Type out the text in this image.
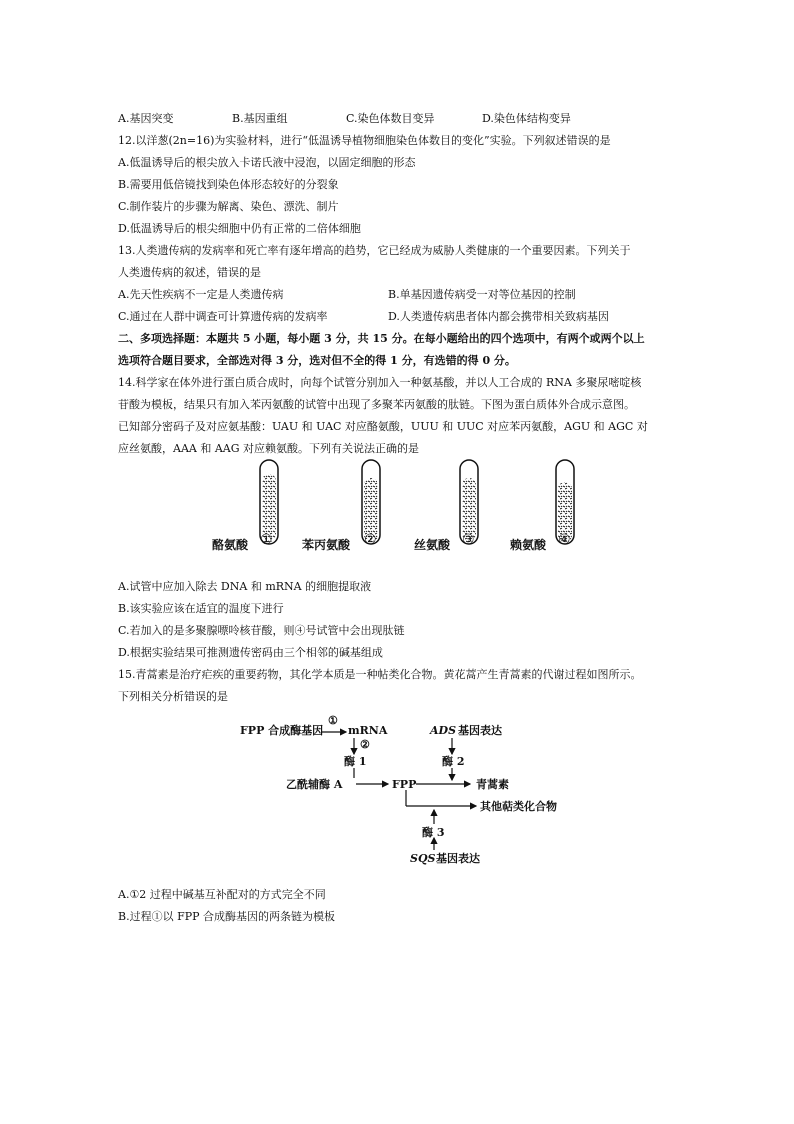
A.基因突变	B.基因重组	C.染色体数目变异	D.染色体结构变异
12.以洋葱(2n=16)为实验材料，进行“低温诱导植物细胞染色体数目的变化”实验。下列叙述错误的是
A.低温诱导后的根尖放入卡诺氏液中浸泡，以固定细胞的形态
B.需要用低倍镜找到染色体形态较好的分裂象
C.制作装片的步骤为解离、染色、漂洗、制片
D.低温诱导后的根尖细胞中仍有正常的二倍体细胞
13.人类遗传病的发病率和死亡率有逐年增高的趋势，它已经成为威胁人类健康的一个重要因素。下列关于
人类遗传病的叙述，错误的是
A.先天性疾病不一定是人类遗传病	B.单基因遗传病受一对等位基因的控制
C.通过在人群中调查可计算遗传病的发病率	D.人类遗传病患者体内都会携带相关致病基因
二、多项选择题：本题共 5 小题，每小题 3 分，共 15 分。在每小题给出的四个选项中，有两个或两个以上
选项符合题目要求，全部选对得 3 分，选对但不全的得 1 分，有选错的得 0 分。
14.科学家在体外进行蛋白质合成时，向每个试管分别加入一种氨基酸，并以人工合成的 RNA 多聚尿嘧啶核
苷酸为模板，结果只有加入苯丙氨酸的试管中出现了多聚苯丙氨酸的肽链。下图为蛋白质体外合成示意图。
已知部分密码子及对应氨基酸：UAU 和 UAC 对应酪氨酸，UUU 和 UUC 对应苯丙氨酸，AGU 和 AGC 对
应丝氨酸，AAA 和 AAG 对应赖氨酸。下列有关说法正确的是
酪氨酸 ① 苯丙氨酸 ②	丝氨酸 ③	赖氨酸 ④
A.试管中应加入除去 DNA 和 mRNA 的细胞提取液
B.该实验应该在适宜的温度下进行
C.若加入的是多聚腺嘌呤核苷酸，则④号试管中会出现肽链
D.根据实验结果可推测遗传密码由三个相邻的碱基组成
15.青蒿素是治疗疟疾的重要药物，其化学本质是一种帖类化合物。黄花蒿产生青蒿素的代谢过程如图所示。
下列相关分析错误的是
FPP 合成酶基因
①
mRNA
②
酶 1
ADS 基因表达
酶 2
乙酰辅酶 A	FPP	青蒿素
其他萜类化合物
酶 3
SQS 基因表达
A.①2 过程中碱基互补配对的方式完全不同
B.过程①以 FPP 合成酶基因的两条链为模板
